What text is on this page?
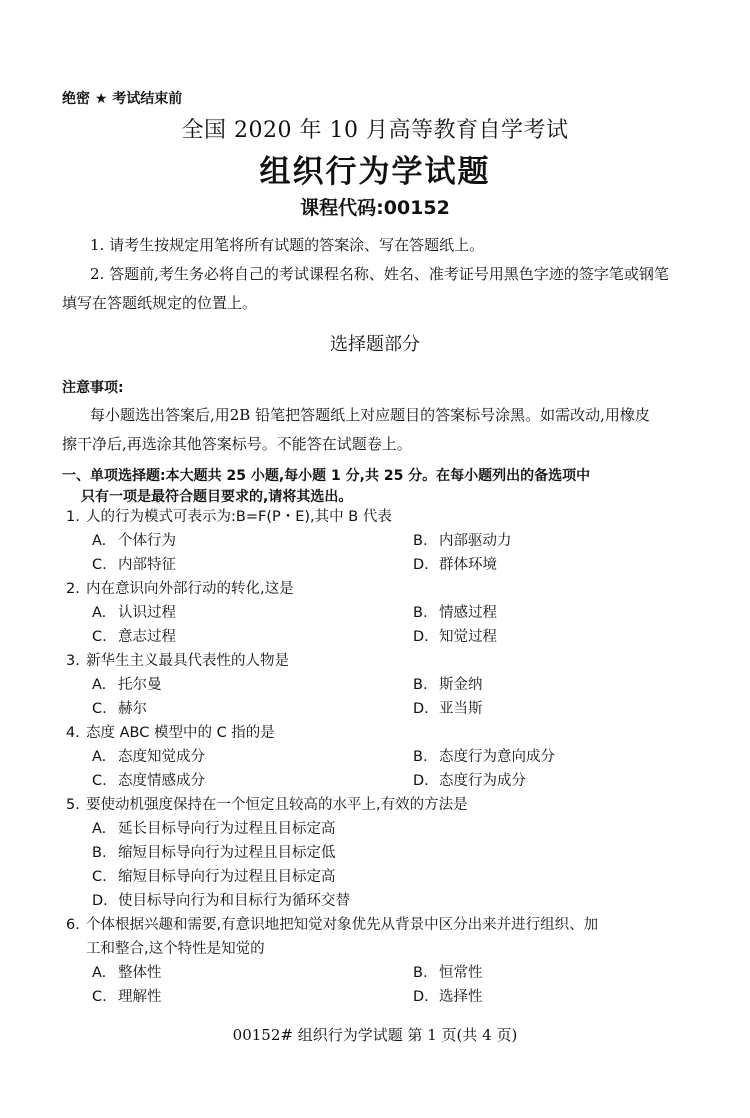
绝密 ★ 考试结束前
全国 2020 年 10 月高等教育自学考试
组织行为学试题
课程代码:00152
1. 请考生按规定用笔将所有试题的答案涂、写在答题纸上。
2. 答题前,考生务必将自己的考试课程名称、姓名、准考证号用黑色字迹的签字笔或钢笔
填写在答题纸规定的位置上。
选择题部分
注意事项:
每小题选出答案后,用2B 铅笔把答题纸上对应题目的答案标号涂黑。如需改动,用橡皮
擦干净后,再选涂其他答案标号。不能答在试题卷上。
一、单项选择题:本大题共 25 小题,每小题 1 分,共 25 分。在每小题列出的备选项中
只有一项是最符合题目要求的,请将其选出。
1. 人的行为模式可表示为:B=F(P・E),其中 B 代表
A. 个体行为	B. 内部驱动力
C. 内部特征	D. 群体环境
2. 内在意识向外部行动的转化,这是
A. 认识过程	B. 情感过程
C. 意志过程	D. 知觉过程
3. 新华生主义最具代表性的人物是
A. 托尔曼	B. 斯金纳
C. 赫尔	D. 亚当斯
4. 态度 ABC 模型中的 C 指的是
A. 态度知觉成分	B. 态度行为意向成分
C. 态度情感成分	D. 态度行为成分
5. 要使动机强度保持在一个恒定且较高的水平上,有效的方法是
A. 延长目标导向行为过程且目标定高
B. 缩短目标导向行为过程且目标定低
C. 缩短目标导向行为过程且目标定高
D. 使目标导向行为和目标行为循环交替
6. 个体根据兴趣和需要,有意识地把知觉对象优先从背景中区分出来并进行组织、加
工和整合,这个特性是知觉的
A. 整体性	B. 恒常性
C. 理解性	D. 选择性
00152# 组织行为学试题 第 1 页(共 4 页)
